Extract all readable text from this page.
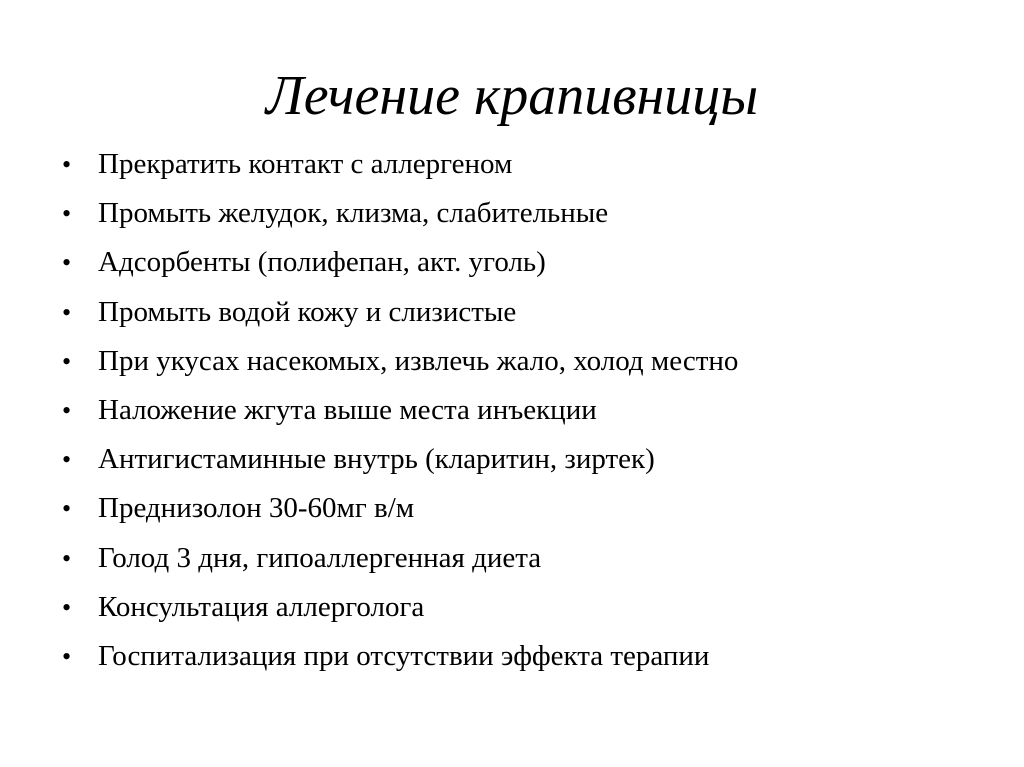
Лечение крапивницы
• Прекратить контакт с аллергеном
• Промыть желудок, клизма, слабительные
• Адсорбенты (полифепан, акт. уголь)
• Промыть водой кожу и слизистые
• При укусах насекомых, извлечь жало, холод местно
• Наложение жгута выше места инъекции
• Антигистаминные внутрь (кларитин, зиртек)
• Преднизолон 30-60мг в/м
• Голод 3 дня, гипоаллергенная диета
• Консультация аллерголога
• Госпитализация при отсутствии эффекта терапии
